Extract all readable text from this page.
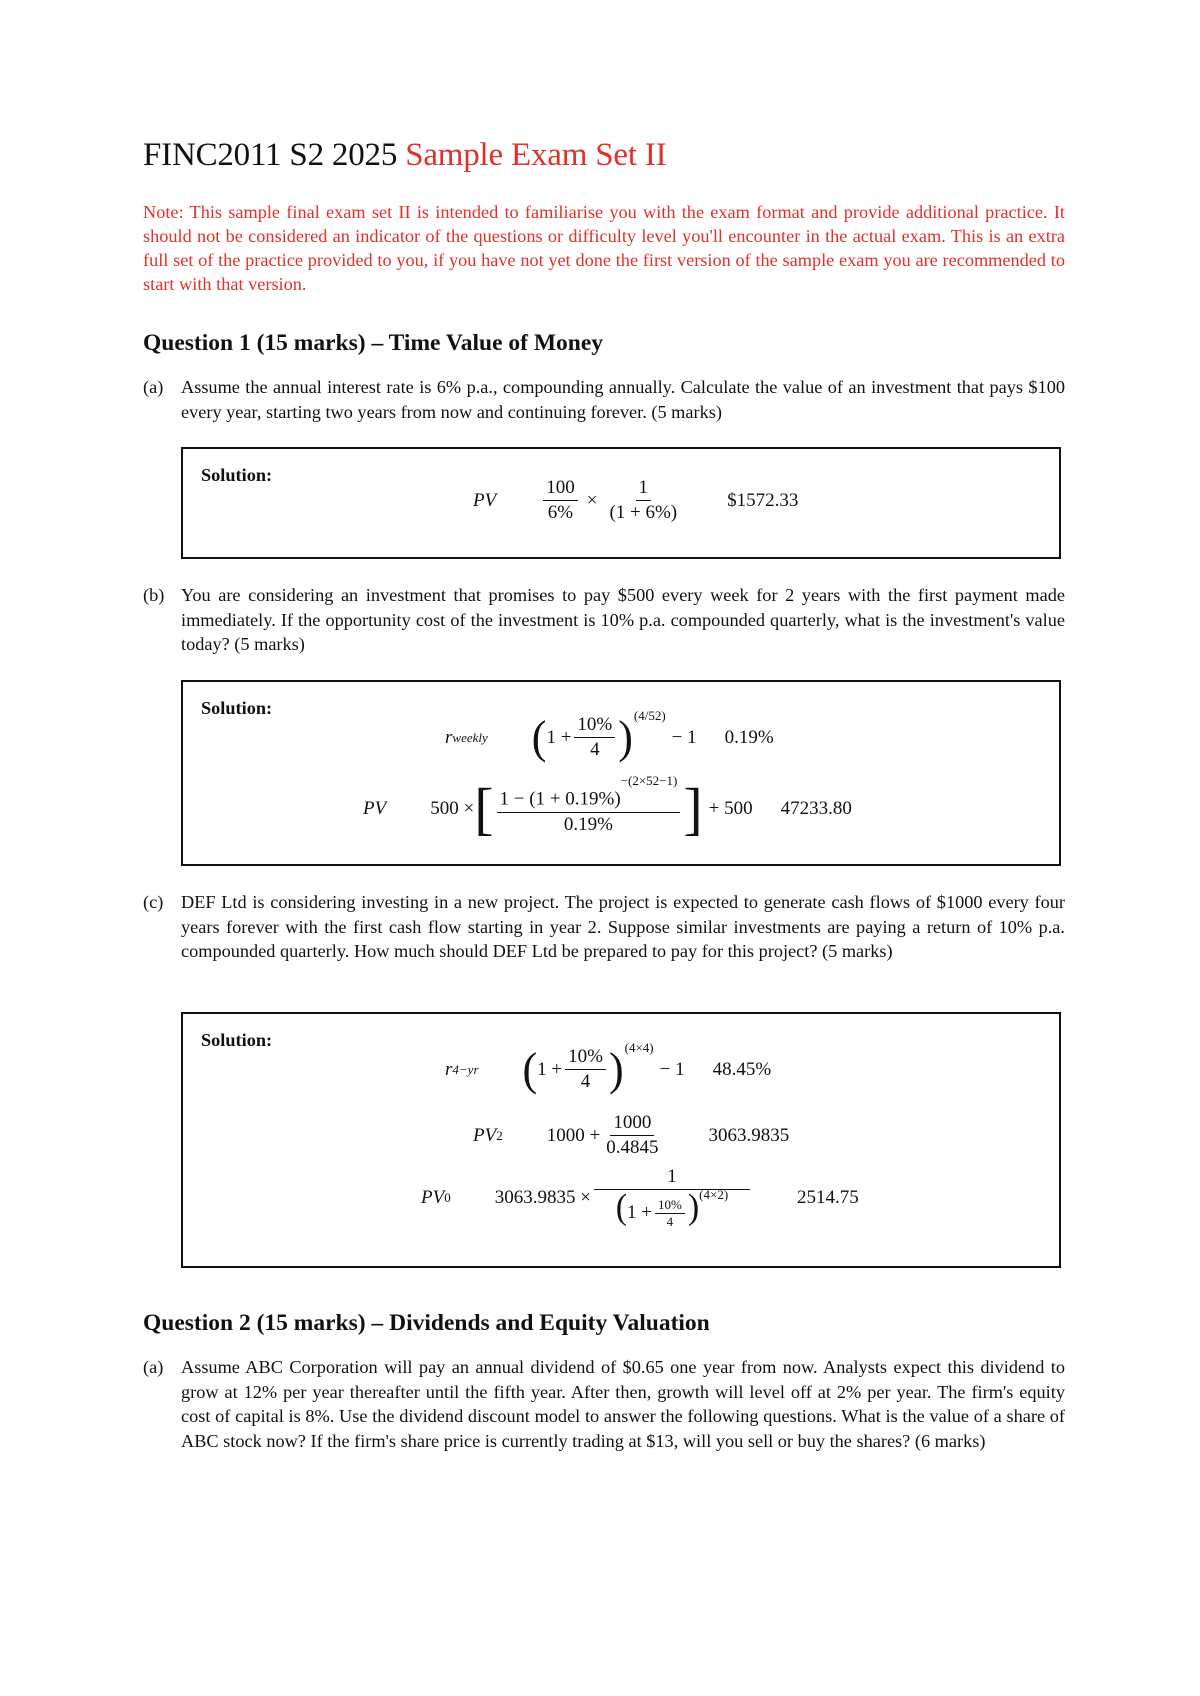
FINC2011 S2 2025 Sample Exam Set II

Note: This sample final exam set II is intended to familiarise you with the exam format and provide additional practice. It should not be considered an indicator of the questions or difficulty level you'll encounter in the actual exam. This is an extra full set of the practice provided to you, if you have not yet done the first version of the sample exam you are recommended to start with that version.

Question 1 (15 marks) – Time Value of Money
(a) Assume the annual interest rate is 6% p.a., compounding annually. Calculate the value of an investment that pays $100 every year, starting two years from now and continuing forever. (5 marks)
Solution:
PV $\frac{100}{6\%} \times \frac{1}{(1 + 6\%)}$ $1572.33
(b) You are considering an investment that promises to pay $500 every week for 2 years with the first payment made immediately. If the opportunity cost of the investment is 10% p.a. compounded quarterly, what is the investment's value today? (5 marks)
Solution:
r weekly ( $1 + \frac{10\%}{4} )^{(4/52)}$
− 1 0.19%
PV 500 × [ $\frac{1 - (1 + 0.19\%)^{-(2\times 52-1)}}{0.19\%}$ ] + 500 47233.80
(c) DEF Ltd is considering investing in a new project. The project is expected to generate cash flows of $1000 every four years forever with the first cash flow starting in year 2. Suppose similar investments are paying a return of 10% p.a. compounded quarterly. How much should DEF Ltd be prepared to pay for this project? (5 marks)
Solution:
r 4−yr ( $1 + \frac{10\%}{4} )^{(4\times 4)}$
− 1 48.45%
PV 2 $1000 + \frac{1000}{0.4845} 3063.9835$
PV 0 $3063.9835 \times \frac{1}{(1 + \frac{10\%}{4} )^{(4\times 2)}} 2514.75$
Question 2 (15 marks) – Dividends and Equity Valuation
(a) Assume ABC Corporation will pay an annual dividend of $0.65 one year from now. Analysts expect this dividend to grow at 12% per year thereafter until the fifth year. After then, growth will level off at 2% per year. The firm's equity cost of capital is 8%. Use the dividend discount model to answer the following questions. What is the value of a share of ABC stock now? If the firm's share price is currently trading at $13, will you sell or buy the shares? (6 marks)
